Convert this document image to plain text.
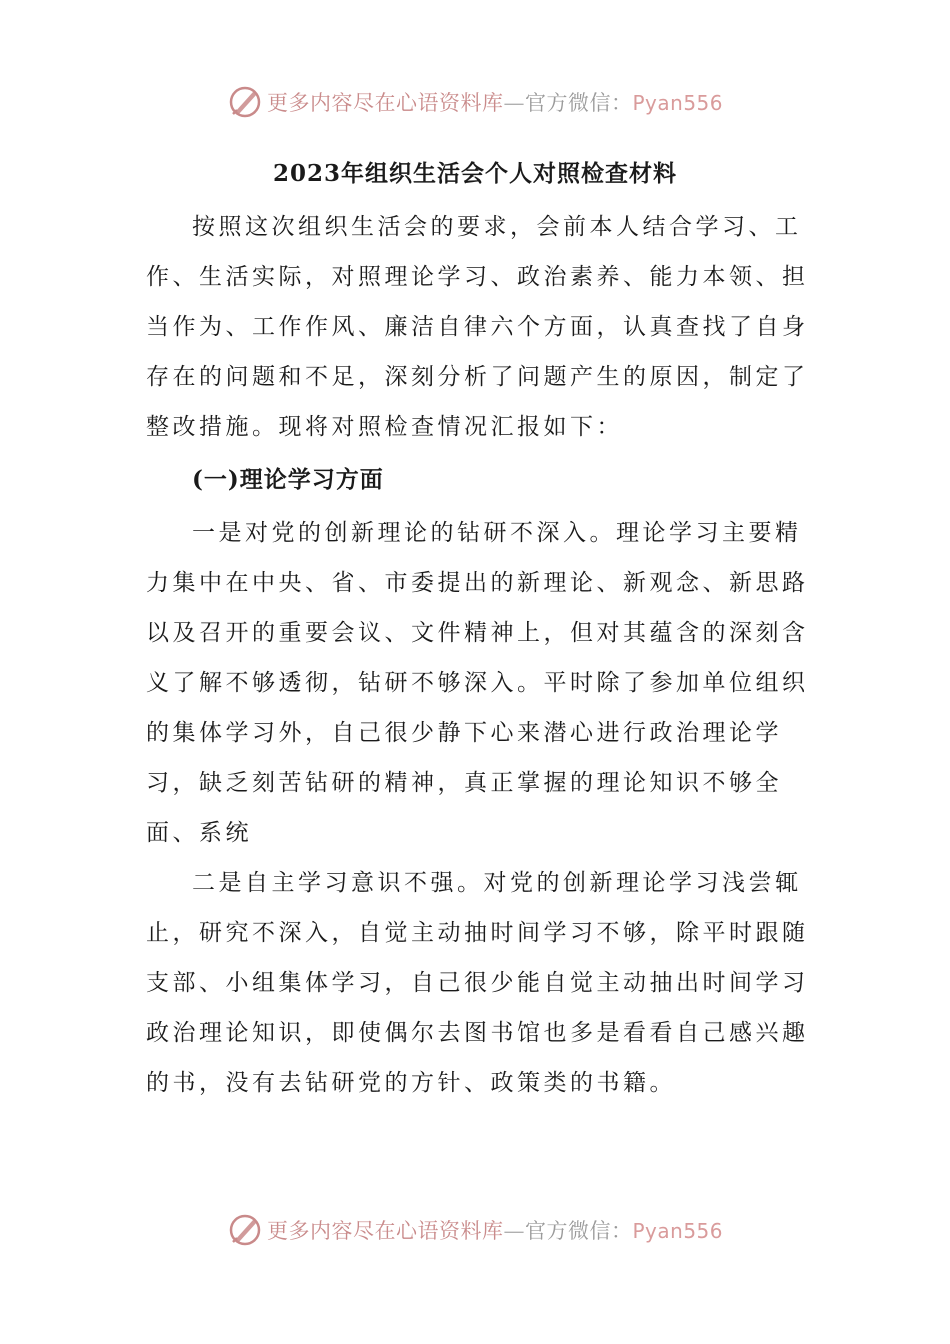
更多内容尽在心语资料库—官方微信：Pyan556
2023年组织生活会个人对照检查材料

按照这次组织生活会的要求，会前本人结合学习、工作、生活实际，对照理论学习、政治素养、能力本领、担当作为、工作作风、廉洁自律六个方面，认真查找了自身存在的问题和不足，深刻分析了问题产生的原因，制定了整改措施。现将对照检查情况汇报如下：

(一)理论学习方面

一是对党的创新理论的钻研不深入。理论学习主要精力集中在中央、省、市委提出的新理论、新观念、新思路以及召开的重要会议、文件精神上，但对其蕴含的深刻含义了解不够透彻，钻研不够深入。平时除了参加单位组织的集体学习外，自己很少静下心来潜心进行政治理论学习，缺乏刻苦钻研的精神，真正掌握的理论知识不够全面、系统

二是自主学习意识不强。对党的创新理论学习浅尝辄止，研究不深入，自觉主动抽时间学习不够，除平时跟随支部、小组集体学习，自己很少能自觉主动抽出时间学习政治理论知识，即使偶尔去图书馆也多是看看自己感兴趣的书，没有去钻研党的方针、政策类的书籍。

更多内容尽在心语资料库—官方微信：Pyan556
